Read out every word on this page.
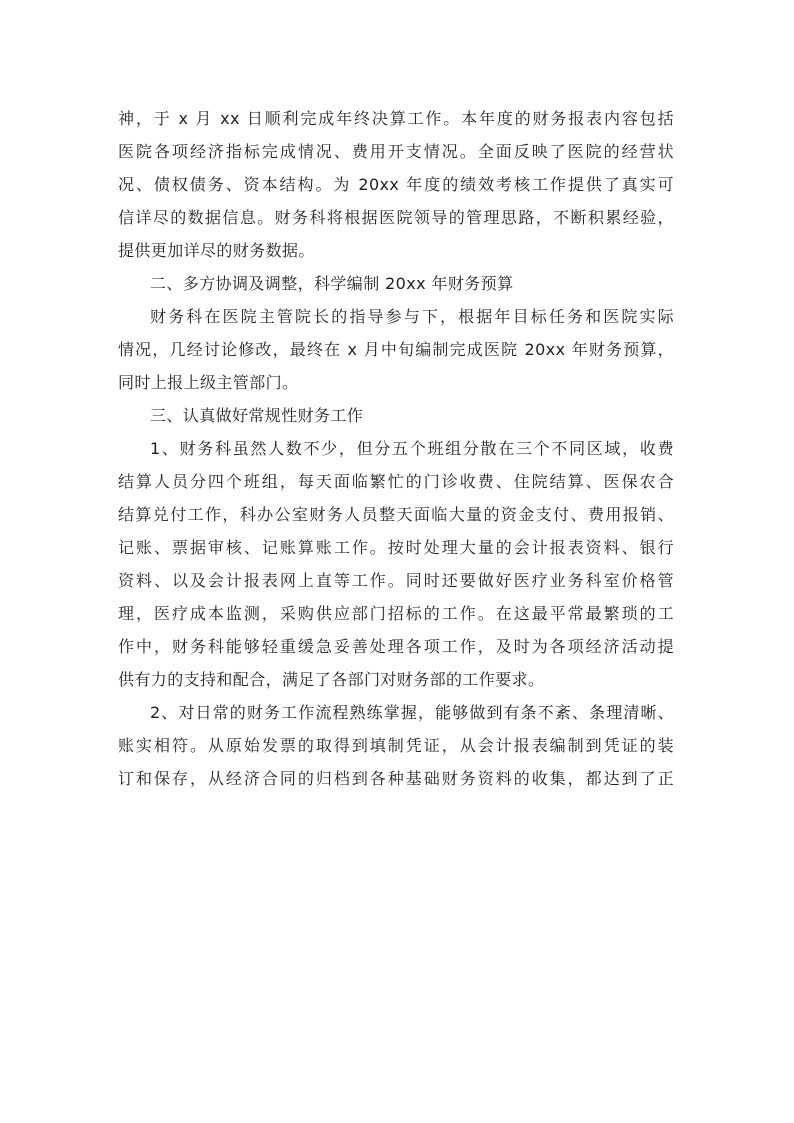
神，于 x 月 xx 日顺利完成年终决算工作。本年度的财务报表内容包括
医院各项经济指标完成情况、费用开支情况。全面反映了医院的经营状
况、债权债务、资本结构。为 20xx 年度的绩效考核工作提供了真实可
信详尽的数据信息。财务科将根据医院领导的管理思路，不断积累经验，
提供更加详尽的财务数据。
二、多方协调及调整，科学编制 20xx 年财务预算
财务科在医院主管院长的指导参与下，根据年目标任务和医院实际
情况，几经讨论修改，最终在 x 月中旬编制完成医院 20xx 年财务预算，
同时上报上级主管部门。
三、认真做好常规性财务工作
1、财务科虽然人数不少，但分五个班组分散在三个不同区域，收费
结算人员分四个班组，每天面临繁忙的门诊收费、住院结算、医保农合
结算兑付工作，科办公室财务人员整天面临大量的资金支付、费用报销、
记账、票据审核、记账算账工作。按时处理大量的会计报表资料、银行
资料、以及会计报表网上直等工作。同时还要做好医疗业务科室价格管
理，医疗成本监测，采购供应部门招标的工作。在这最平常最繁琐的工
作中，财务科能够轻重缓急妥善处理各项工作，及时为各项经济活动提
供有力的支持和配合，满足了各部门对财务部的工作要求。
2、对日常的财务工作流程熟练掌握，能够做到有条不紊、条理清晰、
账实相符。从原始发票的取得到填制凭证，从会计报表编制到凭证的装
订和保存，从经济合同的归档到各种基础财务资料的收集，都达到了正
